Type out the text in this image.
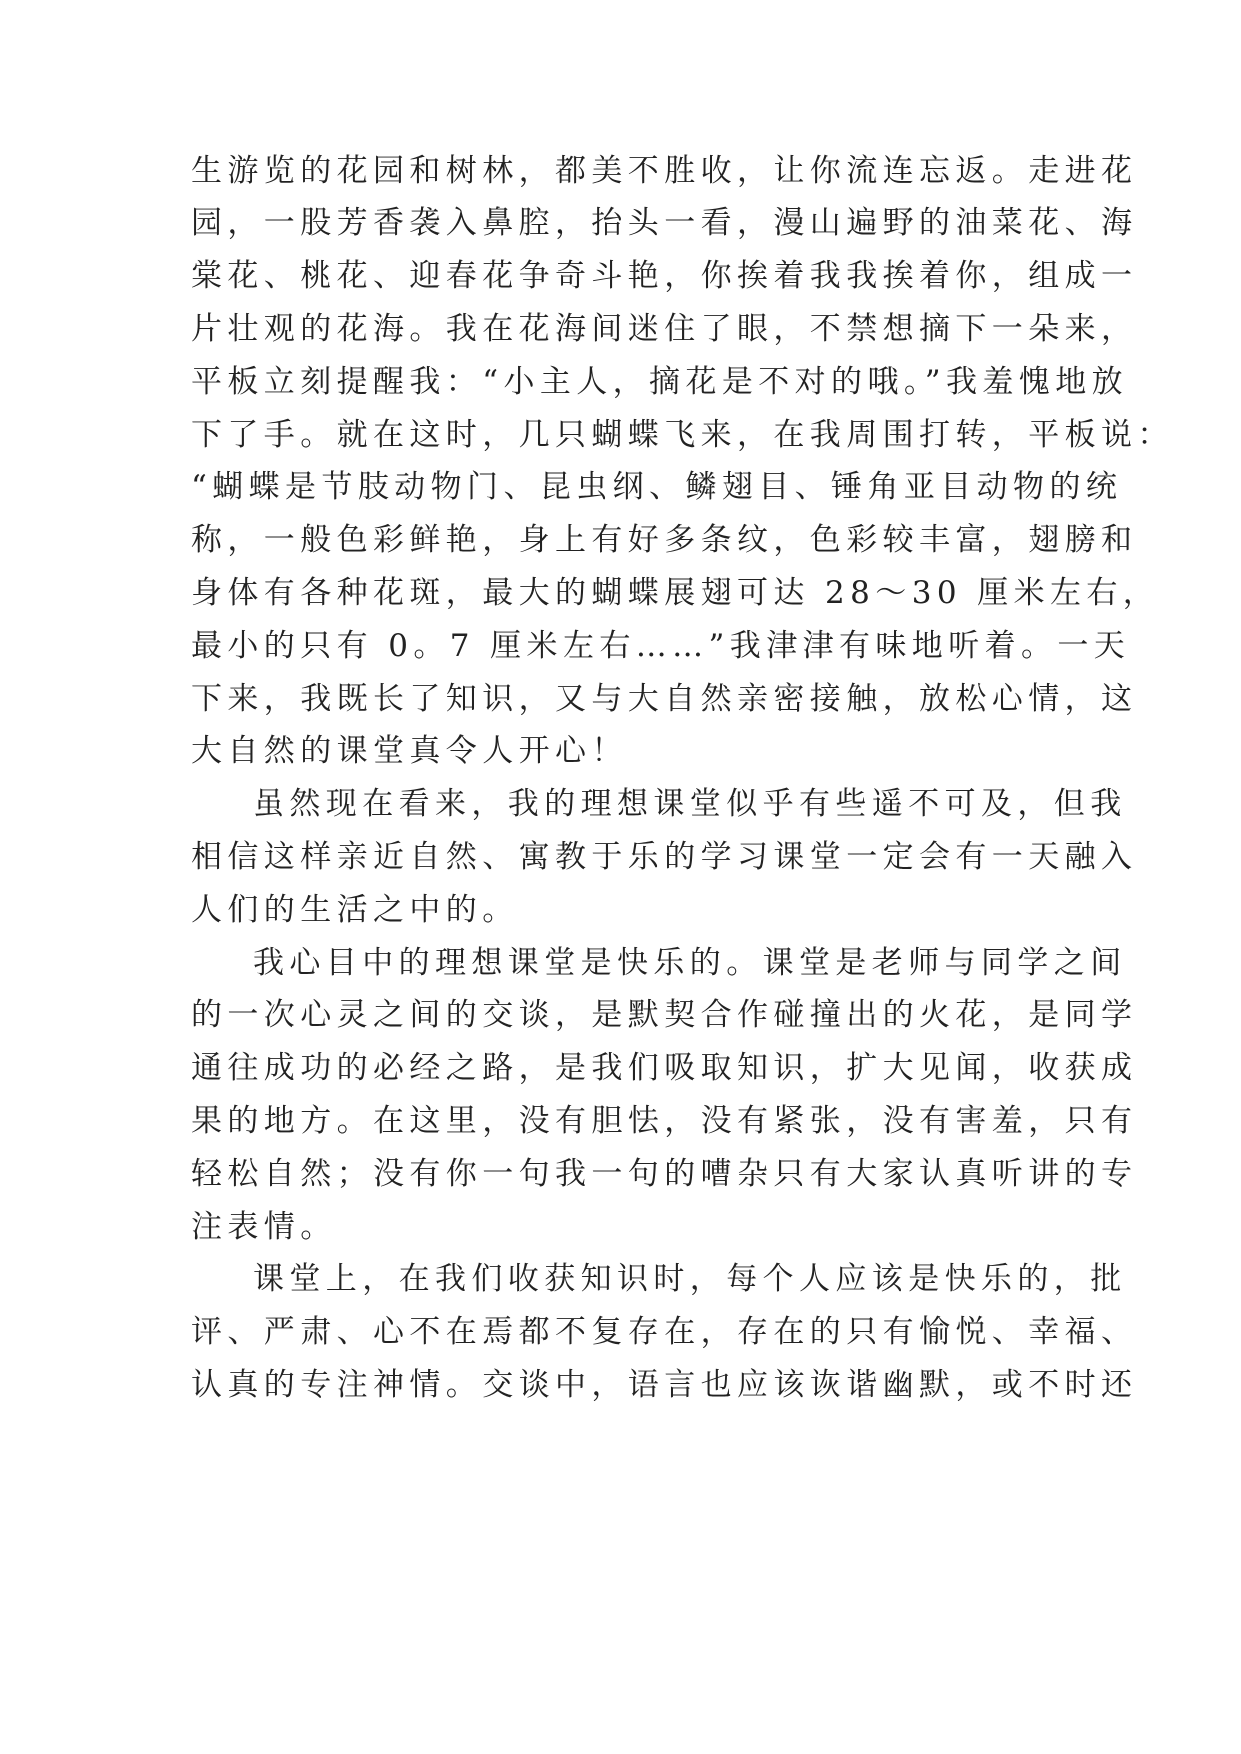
生游览的花园和树林，都美不胜收，让你流连忘返。走进花
园，一股芳香袭入鼻腔，抬头一看，漫山遍野的油菜花、海
棠花、桃花、迎春花争奇斗艳，你挨着我我挨着你，组成一
片壮观的花海。我在花海间迷住了眼，不禁想摘下一朵来，
平板立刻提醒我：“小主人，摘花是不对的哦。”我羞愧地放
下了手。就在这时，几只蝴蝶飞来，在我周围打转，平板说：
“蝴蝶是节肢动物门、昆虫纲、鳞翅目、锤角亚目动物的统
称，一般色彩鲜艳，身上有好多条纹，色彩较丰富，翅膀和
身体有各种花斑，最大的蝴蝶展翅可达 28～30 厘米左右，
最小的只有 0。7 厘米左右……”我津津有味地听着。一天
下来，我既长了知识，又与大自然亲密接触，放松心情，这
大自然的课堂真令人开心！
虽然现在看来，我的理想课堂似乎有些遥不可及，但我
相信这样亲近自然、寓教于乐的学习课堂一定会有一天融入
人们的生活之中的。
我心目中的理想课堂是快乐的。课堂是老师与同学之间
的一次心灵之间的交谈，是默契合作碰撞出的火花，是同学
通往成功的必经之路，是我们吸取知识，扩大见闻，收获成
果的地方。在这里，没有胆怯，没有紧张，没有害羞，只有
轻松自然；没有你一句我一句的嘈杂只有大家认真听讲的专
注表情。
课堂上，在我们收获知识时，每个人应该是快乐的，批
评、严肃、心不在焉都不复存在，存在的只有愉悦、幸福、
认真的专注神情。交谈中，语言也应该诙谐幽默，或不时还
